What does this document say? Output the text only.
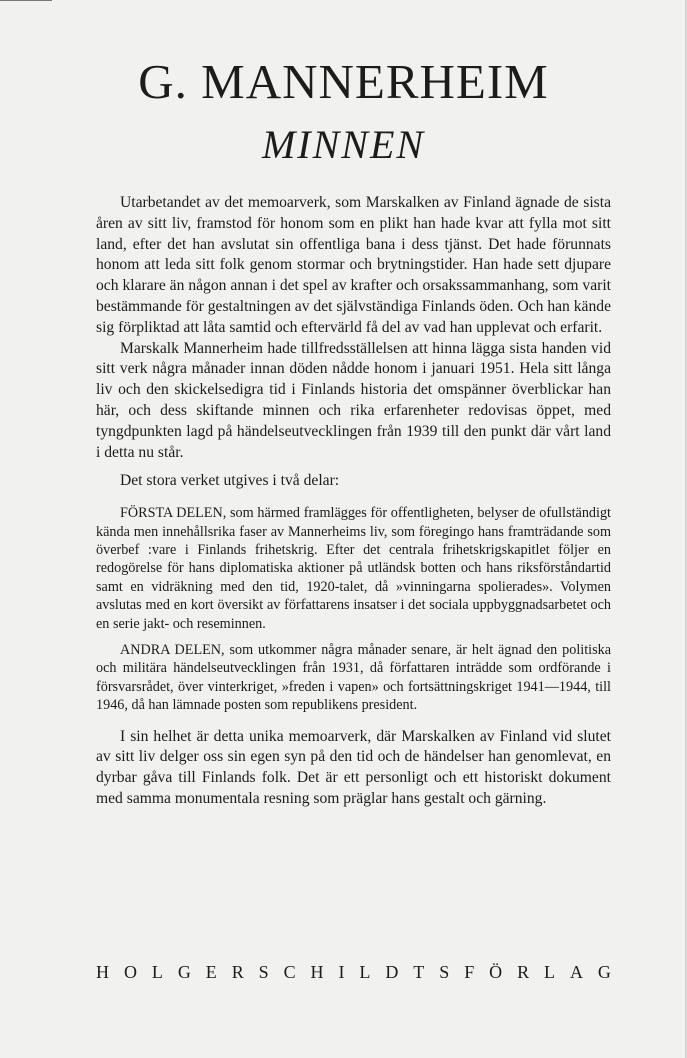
G. MANNERHEIM
MINNEN

Utarbetandet av det memoarverk, som Marskalken av Finland ägnade de sista åren av sitt liv, framstod för honom som en plikt han hade kvar att fylla mot sitt land, efter det han avslutat sin offentliga bana i dess tjänst. Det hade förunnats honom att leda sitt folk genom stormar och brytningstider. Han hade sett djupare och klarare än någon annan i det spel av krafter och orsakssammanhang, som varit bestämmande för gestaltningen av det självständiga Finlands öden. Och han kände sig förpliktad att låta samtid och eftervärld få del av vad han upplevat och erfarit.

Marskalk Mannerheim hade tillfredsställelsen att hinna lägga sista handen vid sitt verk några månader innan döden nådde honom i januari 1951. Hela sitt långa liv och den skickelsedigra tid i Finlands historia det omspänner överblickar han här, och dess skiftande minnen och rika erfarenheter redovisas öppet, med tyngdpunkten lagd på händelseutvecklingen från 1939 till den punkt där vårt land i detta nu står.

Det stora verket utgives i två delar:

FÖRSTA DELEN, som härmed framlägges för offentligheten, belyser de ofullständigt kända men innehållsrika faser av Mannerheims liv, som föregingo hans framträdande som överbef :vare i Finlands frihetskrig. Efter det centrala frihetskrigskapitlet följer en redogörelse för hans diplomatiska aktioner på utländsk botten och hans riksförståndartid samt en vidräkning med den tid, 1920-talet, då »vinningarna spolierades». Volymen avslutas med en kort översikt av författarens insatser i det sociala uppbyggnadsarbetet och en serie jakt- och reseminnen.

ANDRA DELEN, som utkommer några månader senare, är helt ägnad den politiska och militära händelseutvecklingen från 1931, då författaren inträdde som ordförande i försvarsrådet, över vinterkriget, »freden i vapen» och fortsättningskriget 1941—1944, till 1946, då han lämnade posten som republikens president.

I sin helhet är detta unika memoarverk, där Marskalken av Finland vid slutet av sitt liv delger oss sin egen syn på den tid och de händelser han genomlevat, en dyrbar gåva till Finlands folk. Det är ett personligt och ett historiskt dokument med samma monumentala resning som präglar hans gestalt och gärning.

H O L G E R S C H I L D T S F Ö R L A G
